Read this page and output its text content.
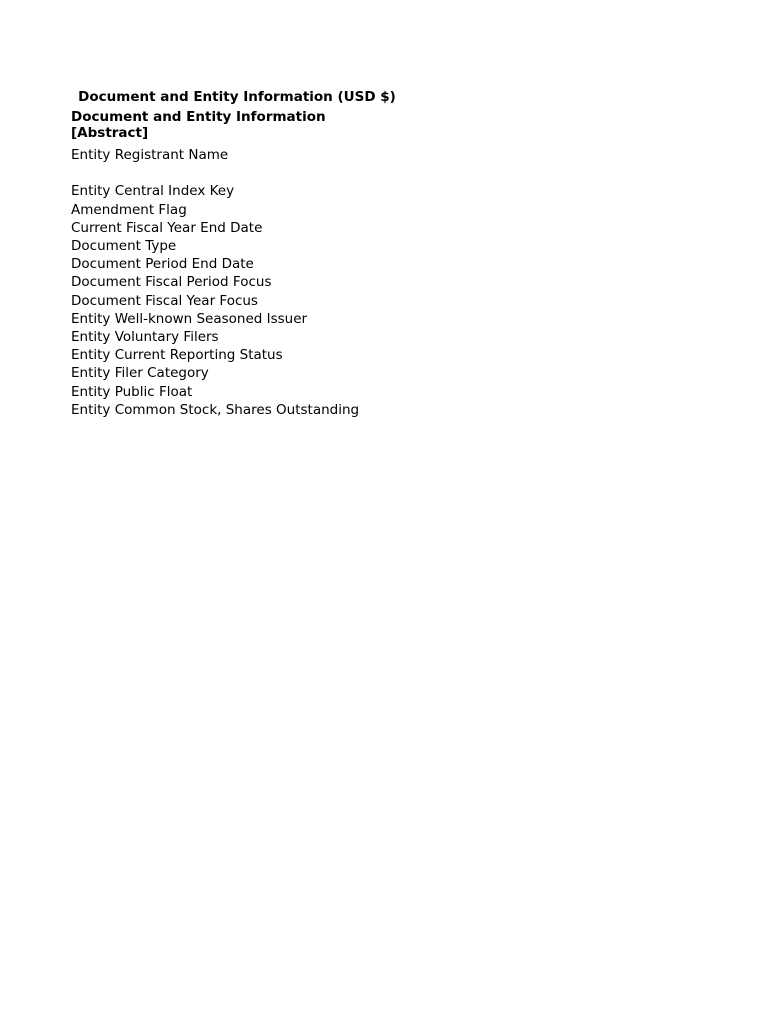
Document and Entity Information (USD $)
Document and Entity Information [Abstract]
Entity Registrant Name
Entity Central Index Key
Amendment Flag
Current Fiscal Year End Date
Document Type
Document Period End Date
Document Fiscal Period Focus
Document Fiscal Year Focus
Entity Well-known Seasoned Issuer
Entity Voluntary Filers
Entity Current Reporting Status
Entity Filer Category
Entity Public Float
Entity Common Stock, Shares Outstanding
